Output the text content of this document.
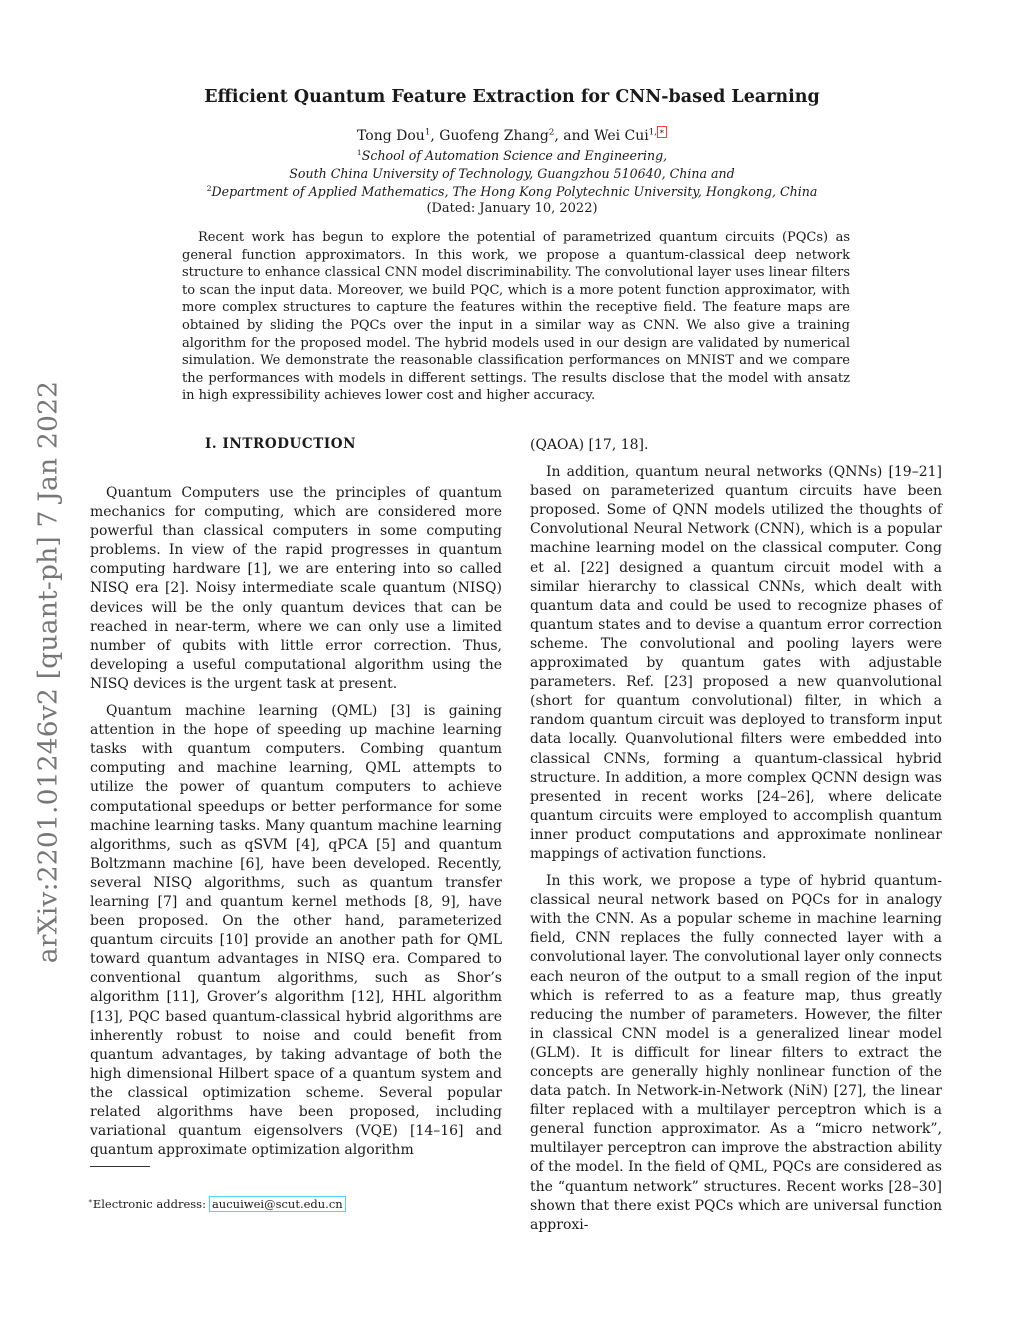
arXiv:2201.01246v2 [quant-ph] 7 Jan 2022
Efficient Quantum Feature Extraction for CNN-based Learning
Tong Dou$^1$, Guofeng Zhang$^2$, and Wei Cui$^{1, ∗}$
$^1$School of Automation Science and Engineering,
South China University of Technology, Guangzhou 510640, China and
$^2$Department of Applied Mathematics, The Hong Kong Polytechnic University, Hongkong, China
(Dated: January 10, 2022)

Recent work has begun to explore the potential of parametrized quantum circuits (PQCs) as general function approximators. In this work, we propose a quantum-classical deep network structure to enhance classical CNN model discriminability. The convolutional layer uses linear filters to scan the input data. Moreover, we build PQC, which is a more potent function approximator, with more complex structures to capture the features within the receptive field. The feature maps are obtained by sliding the PQCs over the input in a similar way as CNN. We also give a training algorithm for the proposed model. The hybrid models used in our design are validated by numerical simulation. We demonstrate the reasonable classification performances on MNIST and we compare the performances with models in different settings. The results disclose that the model with ansatz in high expressibility achieves lower cost and higher accuracy.

I. INTRODUCTION

Quantum Computers use the principles of quantum mechanics for computing, which are considered more powerful than classical computers in some computing problems. In view of the rapid progresses in quantum computing hardware [1], we are entering into so called NISQ era [2]. Noisy intermediate scale quantum (NISQ) devices will be the only quantum devices that can be reached in near-term, where we can only use a limited number of qubits with little error correction. Thus, developing a useful computational algorithm using the NISQ devices is the urgent task at present.

Quantum machine learning (QML) [3] is gaining attention in the hope of speeding up machine learning tasks with quantum computers. Combing quantum computing and machine learning, QML attempts to utilize the power of quantum computers to achieve computational speedups or better performance for some machine learning tasks. Many quantum machine learning algorithms, such as qSVM [4], qPCA [5] and quantum Boltzmann machine [6], have been developed. Recently, several NISQ algorithms, such as quantum transfer learning [7] and quantum kernel methods [8, 9], have been proposed. On the other hand, parameterized quantum circuits [10] provide an another path for QML toward quantum advantages in NISQ era. Compared to conventional quantum algorithms, such as Shor’s algorithm [11], Grover’s algorithm [12], HHL algorithm [13], PQC based quantum-classical hybrid algorithms are inherently robust to noise and could benefit from quantum advantages, by taking advantage of both the high dimensional Hilbert space of a quantum system and the classical optimization scheme. Several popular related algorithms have been proposed, including variational quantum eigensolvers (VQE) [14–16] and quantum approximate optimization algorithm

(QAOA) [17, 18].

In addition, quantum neural networks (QNNs) [19–21] based on parameterized quantum circuits have been proposed. Some of QNN models utilized the thoughts of Convolutional Neural Network (CNN), which is a popular machine learning model on the classical computer. Cong et al. [22] designed a quantum circuit model with a similar hierarchy to classical CNNs, which dealt with quantum data and could be used to recognize phases of quantum states and to devise a quantum error correction scheme. The convolutional and pooling layers were approximated by quantum gates with adjustable parameters. Ref. [23] proposed a new quanvolutional (short for quantum convolutional) filter, in which a random quantum circuit was deployed to transform input data locally. Quanvolutional filters were embedded into classical CNNs, forming a quantum-classical hybrid structure. In addition, a more complex QCNN design was presented in recent works [24–26], where delicate quantum circuits were employed to accomplish quantum inner product computations and approximate nonlinear mappings of activation functions.

In this work, we propose a type of hybrid quantum-classical neural network based on PQCs for in analogy with the CNN. As a popular scheme in machine learning field, CNN replaces the fully connected layer with a convolutional layer. The convolutional layer only connects each neuron of the output to a small region of the input which is referred to as a feature map, thus greatly reducing the number of parameters. However, the filter in classical CNN model is a generalized linear model (GLM). It is difficult for linear filters to extract the concepts are generally highly nonlinear function of the data patch. In Network-in-Network (NiN) [27], the linear filter replaced with a multilayer perceptron which is a general function approximator. As a “micro network”, multilayer perceptron can improve the abstraction ability of the model. In the field of QML, PQCs are considered as the “quantum network” structures. Recent works [28–30] shown that there exist PQCs which are universal function approxi-

∗Electronic address: aucuiwei@scut.edu.cn
